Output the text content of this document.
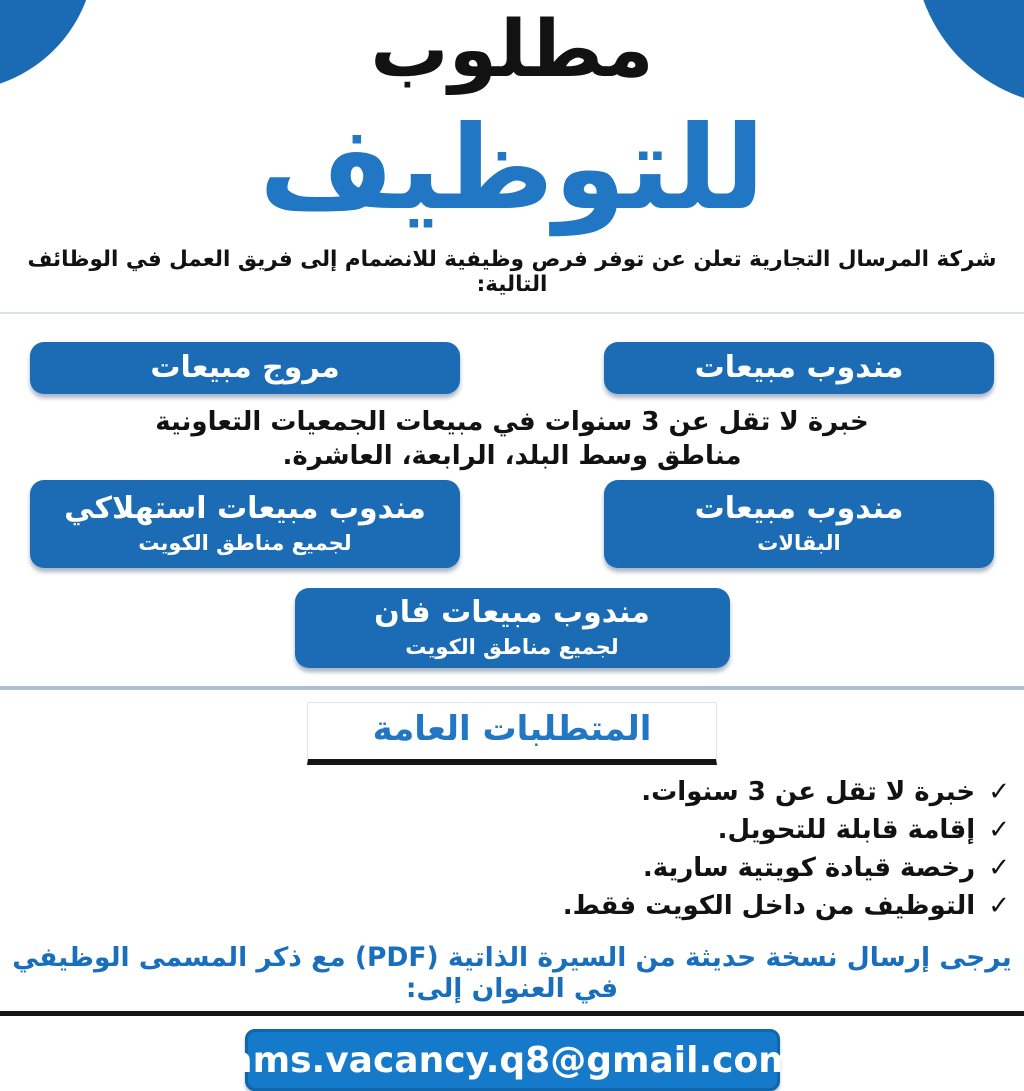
مطلوب
للتوظيف

شركة المرسال التجارية تعلن عن توفر فرص وظيفية للانضمام إلى فريق العمل في الوظائف التالية:

مندوب مبيعات
مروج مبيعات
خبرة لا تقل عن 3 سنوات في مبيعات الجمعيات التعاونية
مناطق وسط البلد، الرابعة، العاشرة.
مندوب مبيعات
البقالات
مندوب مبيعات استهلاكي
لجميع مناطق الكويت
مندوب مبيعات فان
لجميع مناطق الكويت
المتطلبات العامة
✓ خبرة لا تقل عن 3 سنوات.
✓ إقامة قابلة للتحويل.
✓ رخصة قيادة كويتية سارية.
✓ التوظيف من داخل الكويت فقط.

يرجى إرسال نسخة حديثة من السيرة الذاتية (PDF) مع ذكر المسمى الوظيفي في العنوان إلى:

ams.vacancy.q8@gmail.com
